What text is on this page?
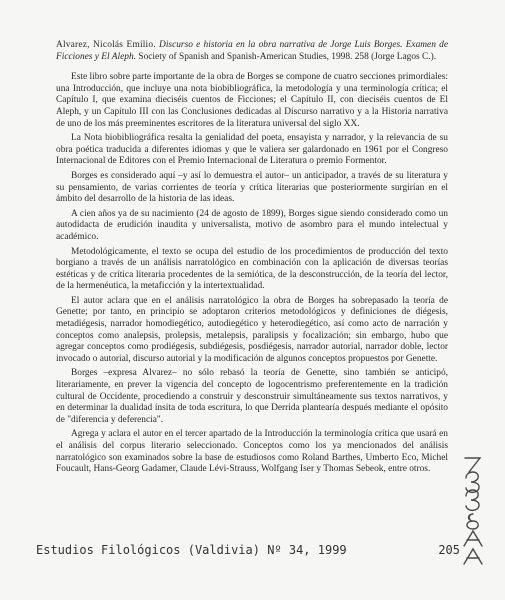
Alvarez, Nicolás Emilio. Discurso e historia en la obra narrativa de Jorge Luis Borges. Examen de Ficciones y El Aleph. Society of Spanish and Spanish-American Studies, 1998. 258 (Jorge Lagos C.).

Este libro sobre parte importante de la obra de Borges se compone de cuatro secciones primordiales: una Introducción, que incluye una nota biobibliográfica, la metodología y una terminología crítica; el Capítulo I, que examina dieciséis cuentos de Ficciones; el Capítulo II, con dieciséis cuentos de El Aleph, y un Capítulo III con las Conclusiones dedicadas al Discurso narrativo y a la Historia narrativa de uno de los más preeminentes escritores de la literatura universal del siglo XX.

La Nota biobibliográfica resalta la genialidad del poeta, ensayista y narrador, y la relevancia de su obra poética traducida a diferentes idiomas y que le valiera ser galardonado en 1961 por el Congreso Internacional de Editores con el Premio Internacional de Literatura o premio Formentor.

Borges es considerado aquí –y así lo demuestra el autor– un anticipador, a través de su literatura y su pensamiento, de varias corrientes de teoría y crítica literarias que posteriormente surgirían en el ámbito del desarrollo de la historia de las ideas.

A cien años ya de su nacimiento (24 de agosto de 1899), Borges sigue siendo considerado como un autodidacta de erudición inaudita y universalista, motivo de asombro para el mundo intelectual y académico.

Metodológicamente, el texto se ocupa del estudio de los procedimientos de producción del texto borgiano a través de un análisis narratológico en combinación con la aplicación de diversas teorías estéticas y de crítica literaria procedentes de la semiótica, de la desconstrucción, de la teoría del lector, de la hermenéutica, la metaficción y la intertextualidad.

El autor aclara que en el análisis narratológico la obra de Borges ha sobrepasado la teoría de Genette; por tanto, en principio se adoptaron criterios metodológicos y definiciones de diégesis, metadiégesis, narrador homodiegético, autodiegético y heterodiegético, así como acto de narración y conceptos como analepsis, prolepsis, metalepsis, paralipsis y focalización; sin embargo, hubo que agregar conceptos como prodiégesis, subdiégesis, posdiégesis, narrador autorial, narrador doble, lector invocado o autorial, discurso autorial y la modificación de algunos conceptos propuestos por Genette.

Borges –expresa Alvarez– no sólo rebasó la teoría de Genette, sino también se anticipó, literariamente, en prever la vigencia del concepto de logocentrismo preferentemente en la tradición cultural de Occidente, procediendo a construir y desconstruir simultáneamente sus textos narrativos, y en determinar la dualidad ínsita de toda escritura, lo que Derrida plantearía después mediante el opósito de "diferencia y deferencia".

Agrega y aclara el autor en el tercer apartado de la Introducción la terminología crítica que usará en el análisis del corpus literario seleccionado. Conceptos como los ya mencionados del análisis narratológico son examinados sobre la base de estudiosos como Roland Barthes, Umberto Eco, Michel Foucault, Hans-Georg Gadamer, Claude Lévi-Strauss, Wolfgang Iser y Thomas Sebeok, entre otros.

Estudios Filológicos (Valdivia) Nº 34, 1999	205
